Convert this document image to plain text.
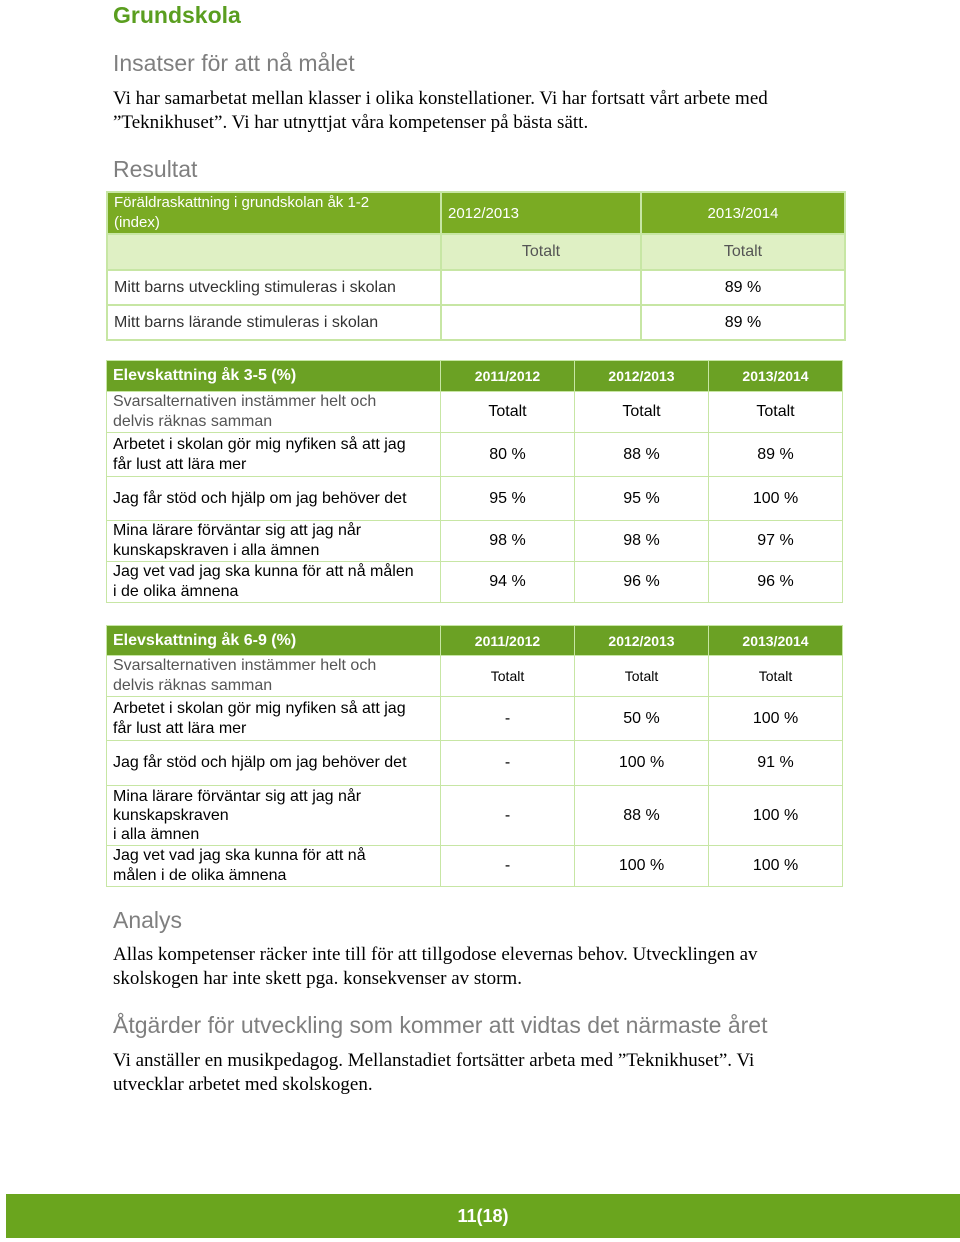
Grundskola
Insatser för att nå målet
Vi har samarbetat mellan klasser i olika konstellationer. Vi har fortsatt vårt arbete med
”Teknikhuset”. Vi har utnyttjat våra kompetenser på bästa sätt.
Resultat
Föräldraskattning i grundskolan åk 1-2
(index)	2012/2013	2013/2014
	Totalt	Totalt
Mitt barns utveckling stimuleras i skolan		89 %
Mitt barns lärande stimuleras i skolan		89 %
Elevskattning åk 3-5 (%)	2011/2012	2012/2013	2013/2014

Svarsalternativen instämmer helt och
delvis räknas samman	Totalt	Totalt	Totalt

Arbetet i skolan gör mig nyfiken så att jag
får lust att lära mer	80 %	88 %	89 %
Jag får stöd och hjälp om jag behöver det	95 %	95 %	100 %

Mina lärare förväntar sig att jag når
kunskapskraven i alla ämnen	98 %	98 %	97 %

Jag vet vad jag ska kunna för att nå målen
i de olika ämnena	94 %	96 %	96 %
Elevskattning åk 6-9 (%)	2011/2012	2012/2013	2013/2014

Svarsalternativen instämmer helt och
delvis räknas samman	Totalt	Totalt	Totalt

Arbetet i skolan gör mig nyfiken så att jag
får lust att lära mer	-	50 %	100 %
Jag får stöd och hjälp om jag behöver det	-	100 %	91 %

Mina lärare förväntar sig att jag når
kunskapskraven
i alla ämnen	-	88 %	100 %

Jag vet vad jag ska kunna för att nå
målen i de olika ämnena	-	100 %	100 %
Analys
Allas kompetenser räcker inte till för att tillgodose elevernas behov. Utvecklingen av
skolskogen har inte skett pga. konsekvenser av storm.
Åtgärder för utveckling som kommer att vidtas det närmaste året
Vi anställer en musikpedagog. Mellanstadiet fortsätter arbeta med ”Teknikhuset”. Vi
utvecklar arbetet med skolskogen.
11(18)
